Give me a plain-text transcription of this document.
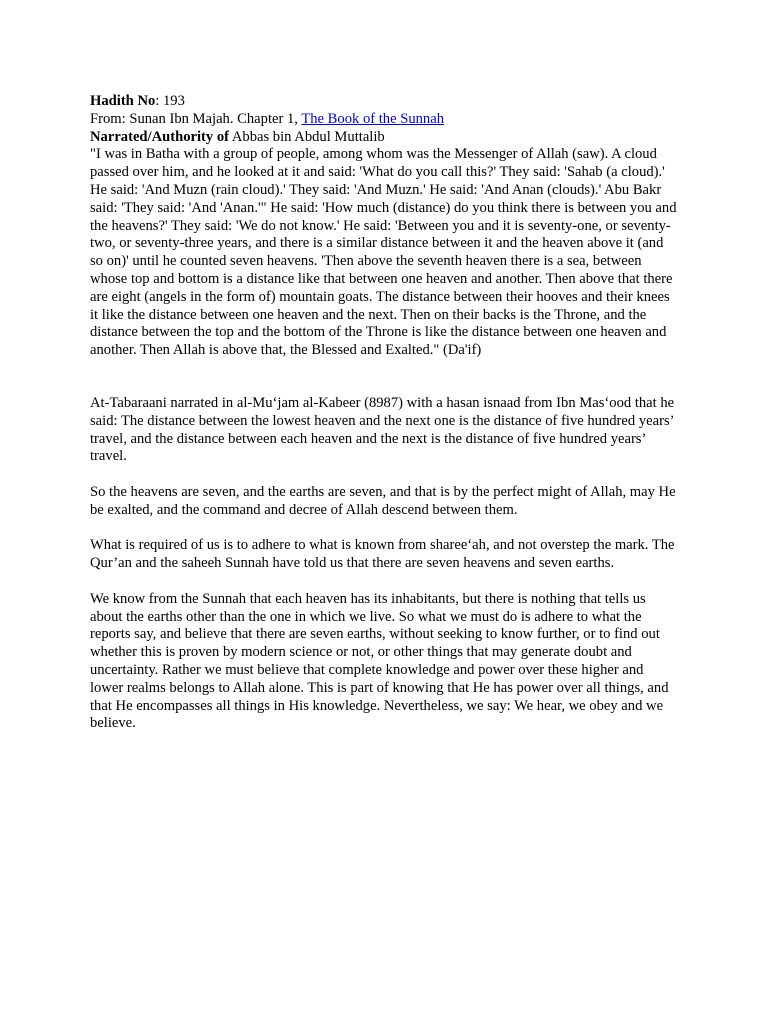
Hadith No: 193
From: Sunan Ibn Majah. Chapter 1, The Book of the Sunnah
Narrated/Authority of Abbas bin Abdul Muttalib

"I was in Batha with a group of people, among whom was the Messenger of Allah (saw). A cloud passed over him, and he looked at it and said: 'What do you call this?' They said: 'Sahab (a cloud).' He said: 'And Muzn (rain cloud).' They said: 'And Muzn.' He said: 'And Anan (clouds).' Abu Bakr said: 'They said: 'And 'Anan.'" He said: 'How much (distance) do you think there is between you and the heavens?' They said: 'We do not know.' He said: 'Between you and it is seventy-one, or seventy-two, or seventy-three years, and there is a similar distance between it and the heaven above it (and so on)' until he counted seven heavens. 'Then above the seventh heaven there is a sea, between whose top and bottom is a distance like that between one heaven and another. Then above that there are eight (angels in the form of) mountain goats. The distance between their hooves and their knees it like the distance between one heaven and the next. Then on their backs is the Throne, and the distance between the top and the bottom of the Throne is like the distance between one heaven and another. Then Allah is above that, the Blessed and Exalted." (Da'if)

At-Tabaraani narrated in al-Mu‘jam al-Kabeer (8987) with a hasan isnaad from Ibn Mas‘ood that he said: The distance between the lowest heaven and the next one is the distance of five hundred years’ travel, and the distance between each heaven and the next is the distance of five hundred years’ travel.

So the heavens are seven, and the earths are seven, and that is by the perfect might of Allah, may He be exalted, and the command and decree of Allah descend between them.

What is required of us is to adhere to what is known from sharee‘ah, and not overstep the mark. The Qur’an and the saheeh Sunnah have told us that there are seven heavens and seven earths.

We know from the Sunnah that each heaven has its inhabitants, but there is nothing that tells us about the earths other than the one in which we live. So what we must do is adhere to what the reports say, and believe that there are seven earths, without seeking to know further, or to find out whether this is proven by modern science or not, or other things that may generate doubt and uncertainty. Rather we must believe that complete knowledge and power over these higher and lower realms belongs to Allah alone. This is part of knowing that He has power over all things, and that He encompasses all things in His knowledge. Nevertheless, we say: We hear, we obey and we believe.
